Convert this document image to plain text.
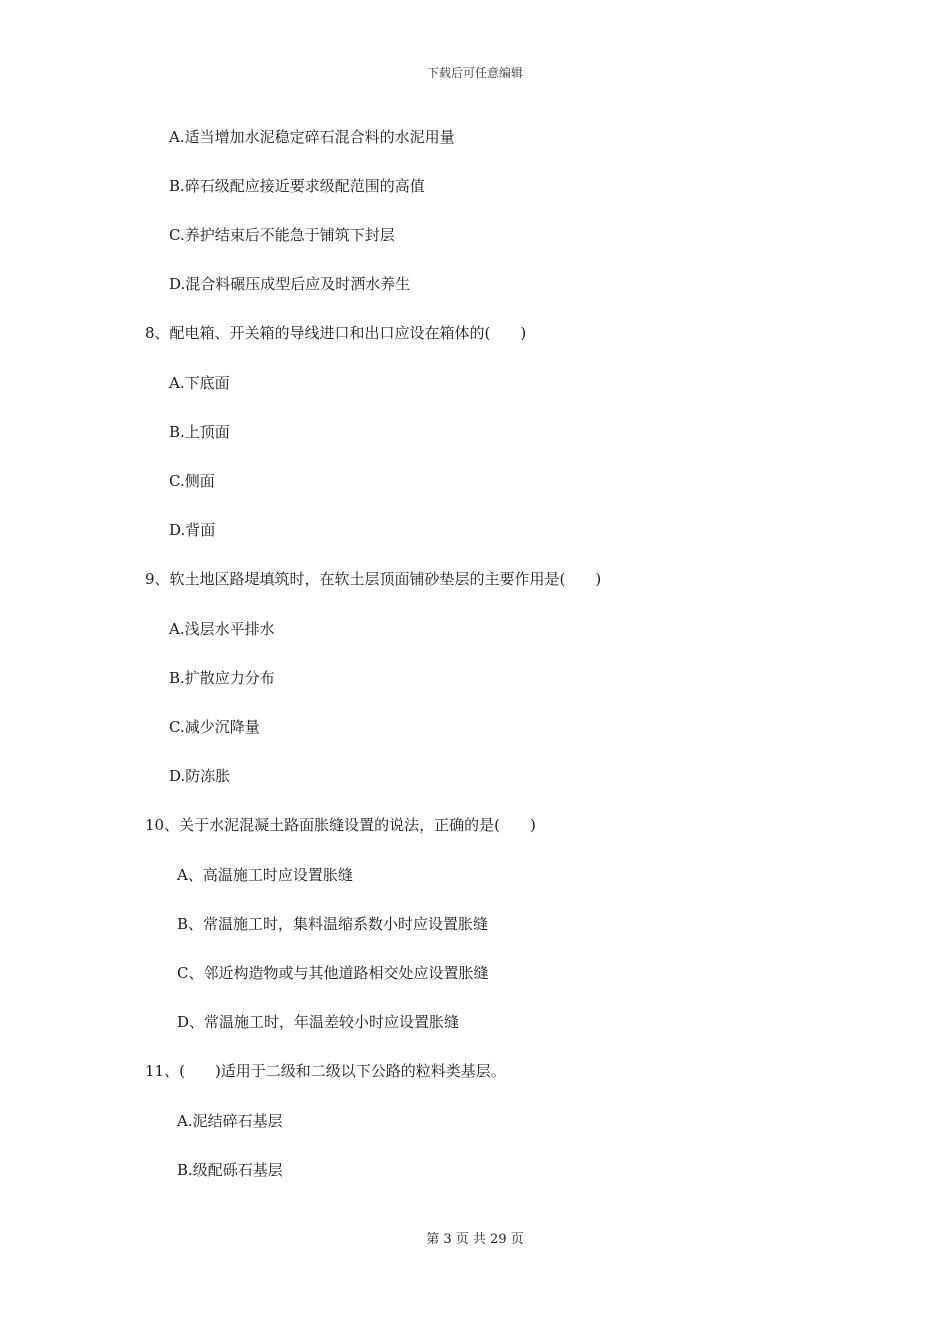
下载后可任意编辑
A.适当增加水泥稳定碎石混合料的水泥用量
B.碎石级配应接近要求级配范围的高值
C.养护结束后不能急于铺筑下封层
D.混合料碾压成型后应及时洒水养生
8、配电箱、开关箱的导线进口和出口应设在箱体的(　　)
A.下底面
B.上顶面
C.侧面
D.背面
9、软土地区路堤填筑时，在软土层顶面铺砂垫层的主要作用是(　　)
A.浅层水平排水
B.扩散应力分布
C.减少沉降量
D.防冻胀
10、关于水泥混凝土路面胀缝设置的说法，正确的是(　　)
A、高温施工时应设置胀缝
B、常温施工时，集料温缩系数小时应设置胀缝
C、邻近构造物或与其他道路相交处应设置胀缝
D、常温施工时，年温差较小时应设置胀缝
11、(　　)适用于二级和二级以下公路的粒料类基层。
A.泥结碎石基层
B.级配砾石基层
第 3 页 共 29 页
